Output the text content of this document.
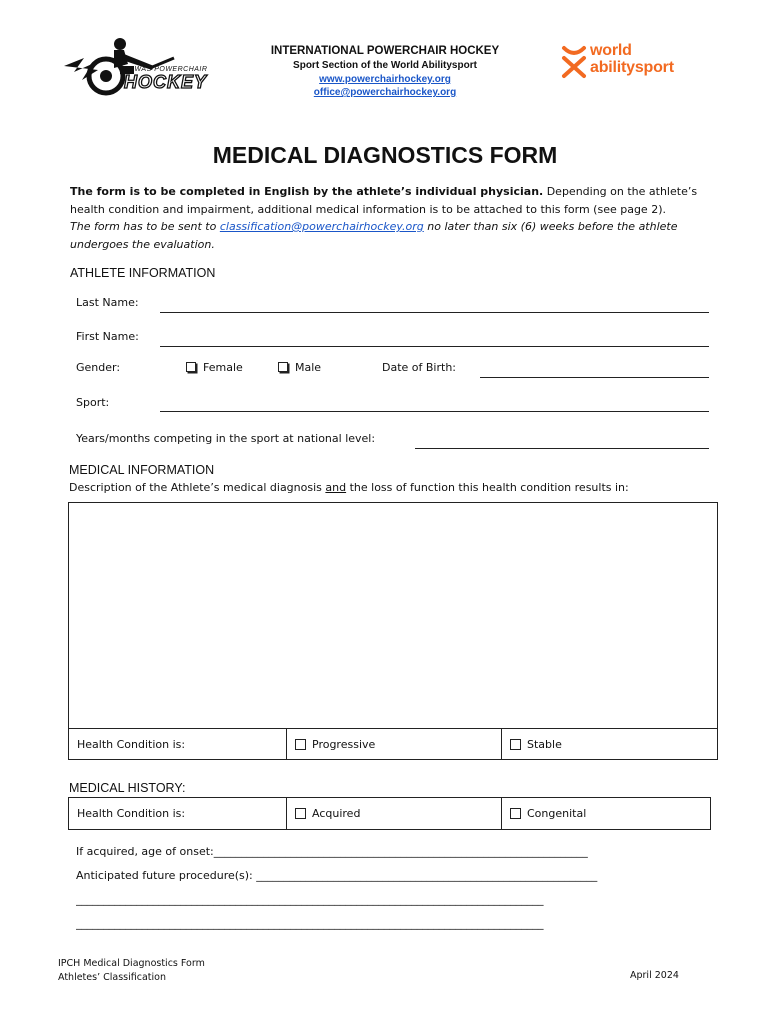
IWAS POWERCHAIR
HOCKEY
INTERNATIONAL POWERCHAIR HOCKEY
Sport Section of the World Abilitysport
www.powerchairhockey.org
office@powerchairhockey.org
world
abilitysport
MEDICAL DIAGNOSTICS FORM
The form is to be completed in English by the athlete’s individual physician. Depending on the athlete’s health condition and impairment, additional medical information is to be attached to this form (see page 2).
The form has to be sent to classification@powerchairhockey.org no later than six (6) weeks before the athlete undergoes the evaluation.
ATHLETE INFORMATION
Last Name:
First Name:
Gender:	Female	Male	Date of Birth:
Sport:
Years/months competing in the sport at national level:
MEDICAL INFORMATION
Description of the Athlete’s medical diagnosis and the loss of function this health condition results in:
Health Condition is:	Progressive	Stable
MEDICAL HISTORY:
Health Condition is:	Acquired	Congenital
If acquired, age of onset:____________________________________________________________________
Anticipated future procedure(s): ______________________________________________________________
_____________________________________________________________________________________
_____________________________________________________________________________________
IPCH Medical Diagnostics Form
Athletes’ Classification	April 2024
